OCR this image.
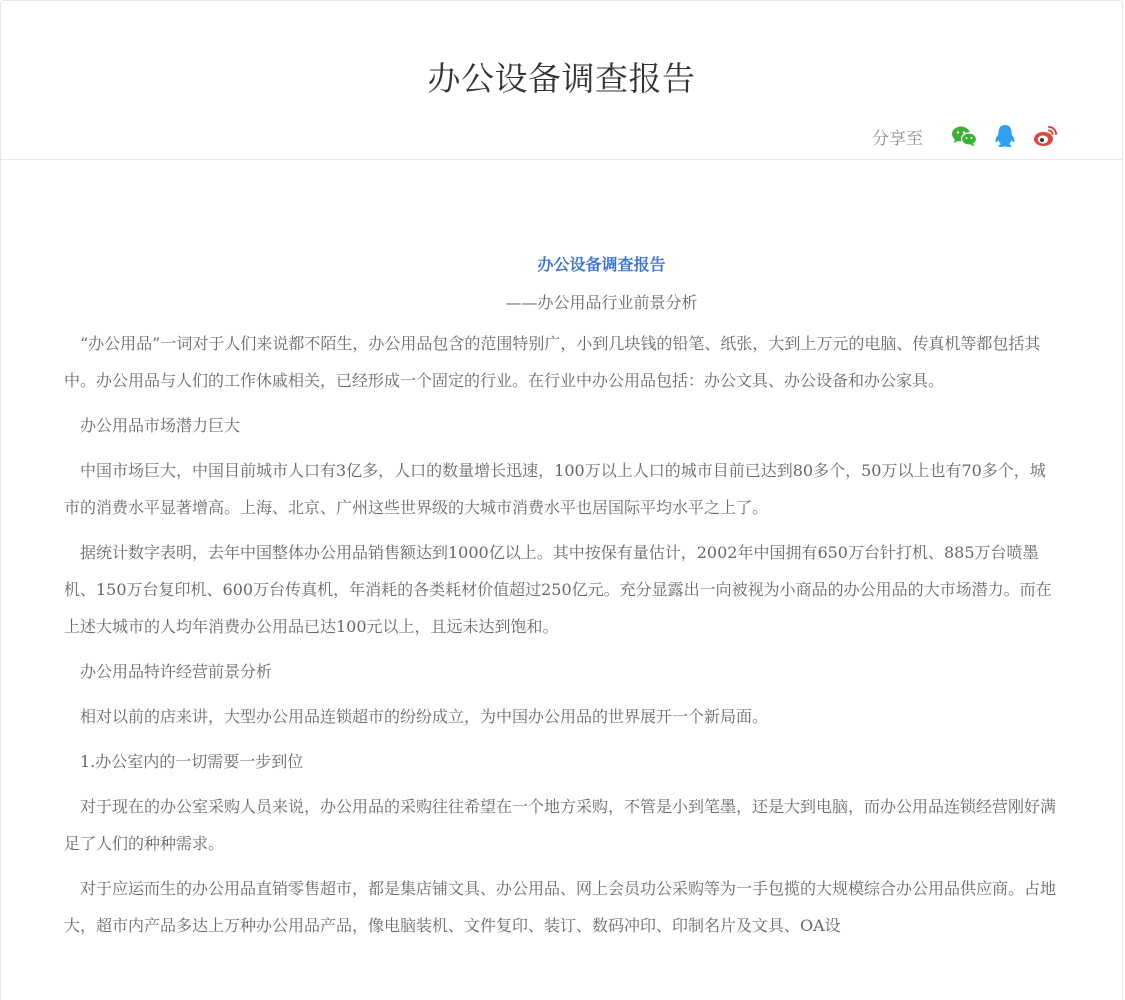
办公设备调查报告
分享至
办公设备调查报告
——办公用品行业前景分析

“办公用品”一词对于人们来说都不陌生，办公用品包含的范围特别广，小到几块钱的铅笔、纸张，大到上万元的电脑、传真机等都包括其中。办公用品与人们的工作休戚相关，已经形成一个固定的行业。在行业中办公用品包括：办公文具、办公设备和办公家具。

办公用品市场潜力巨大

中国市场巨大，中国目前城市人口有3亿多，人口的数量增长迅速，100万以上人口的城市目前已达到80多个，50万以上也有70多个，城市的消费水平显著增高。上海、北京、广州这些世界级的大城市消费水平也居国际平均水平之上了。

据统计数字表明，去年中国整体办公用品销售额达到1000亿以上。其中按保有量估计，2002年中国拥有650万台针打机、885万台喷墨机、150万台复印机、600万台传真机，年消耗的各类耗材价值超过250亿元。充分显露出一向被视为小商品的办公用品的大市场潜力。而在上述大城市的人均年消费办公用品已达100元以上，且远未达到饱和。

办公用品特许经营前景分析

相对以前的店来讲，大型办公用品连锁超市的纷纷成立，为中国办公用品的世界展开一个新局面。

1.办公室内的一切需要一步到位

对于现在的办公室采购人员来说，办公用品的采购往往希望在一个地方采购，不管是小到笔墨，还是大到电脑，而办公用品连锁经营刚好满足了人们的种种需求。

对于应运而生的办公用品直销零售超市，都是集店铺文具、办公用品、网上会员功公采购等为一手包揽的大规模综合办公用品供应商。占地大，超市内产品多达上万种办公用品产品，像电脑装机、文件复印、装订、数码冲印、印制名片及文具、OA设
